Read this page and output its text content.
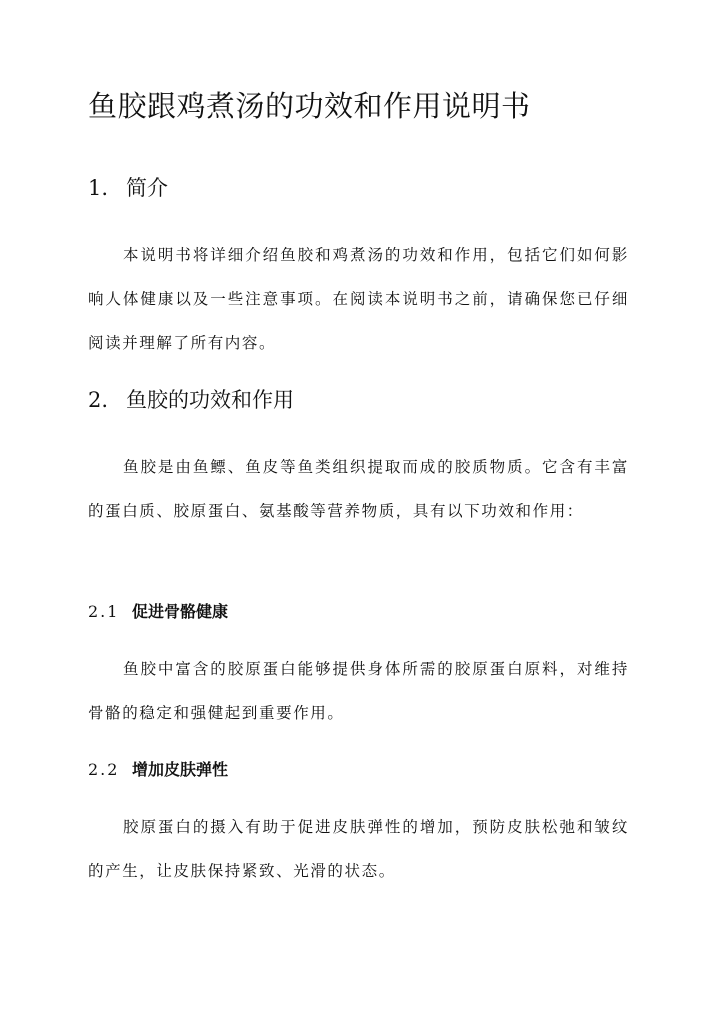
鱼胶跟鸡煮汤的功效和作用说明书
1. 简介

本说明书将详细介绍鱼胶和鸡煮汤的功效和作用，包括它们如何影响人体健康以及一些注意事项。在阅读本说明书之前，请确保您已仔细阅读并理解了所有内容。

2. 鱼胶的功效和作用

鱼胶是由鱼鳔、鱼皮等鱼类组织提取而成的胶质物质。它含有丰富的蛋白质、胶原蛋白、氨基酸等营养物质，具有以下功效和作用：

2.1 促进骨骼健康

鱼胶中富含的胶原蛋白能够提供身体所需的胶原蛋白原料，对维持骨骼的稳定和强健起到重要作用。

2.2 增加皮肤弹性

胶原蛋白的摄入有助于促进皮肤弹性的增加，预防皮肤松弛和皱纹的产生，让皮肤保持紧致、光滑的状态。
